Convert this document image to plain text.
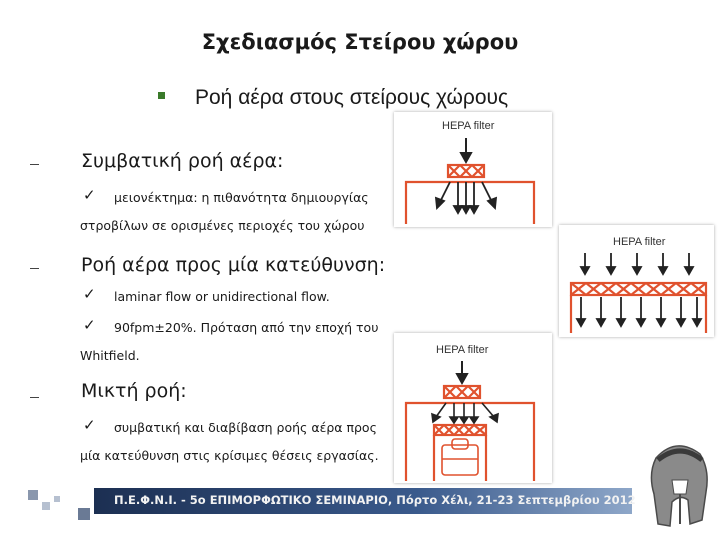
Σχεδιασμός Στείρου χώρου
Ροή αέρα στους στείρους χώρους
Συμβατική ροή αέρα:
✓ μειονέκτημα: η πιθανότητα δημιουργίας
στροβίλων σε ορισμένες περιοχές του χώρου
Ροή αέρα προς μία κατεύθυνση:
✓ laminar flow or unidirectional flow.
✓ 90fpm±20%. Πρόταση από την εποχή του
Whitfield.
Μικτή ροή:
✓ συμβατική και διαβίβαση ροής αέρα προς
μία κατεύθυνση στις κρίσιμες θέσεις εργασίας.
HEPA filter
HEPA filter
HEPA filter
Π.Ε.Φ.Ν.Ι. - 5ο ΕΠΙΜΟΡΦΩΤΙΚΟ ΣΕΜΙΝΑΡΙΟ, Πόρτο Χέλι, 21-23 Σεπτεμβρίου 2012
